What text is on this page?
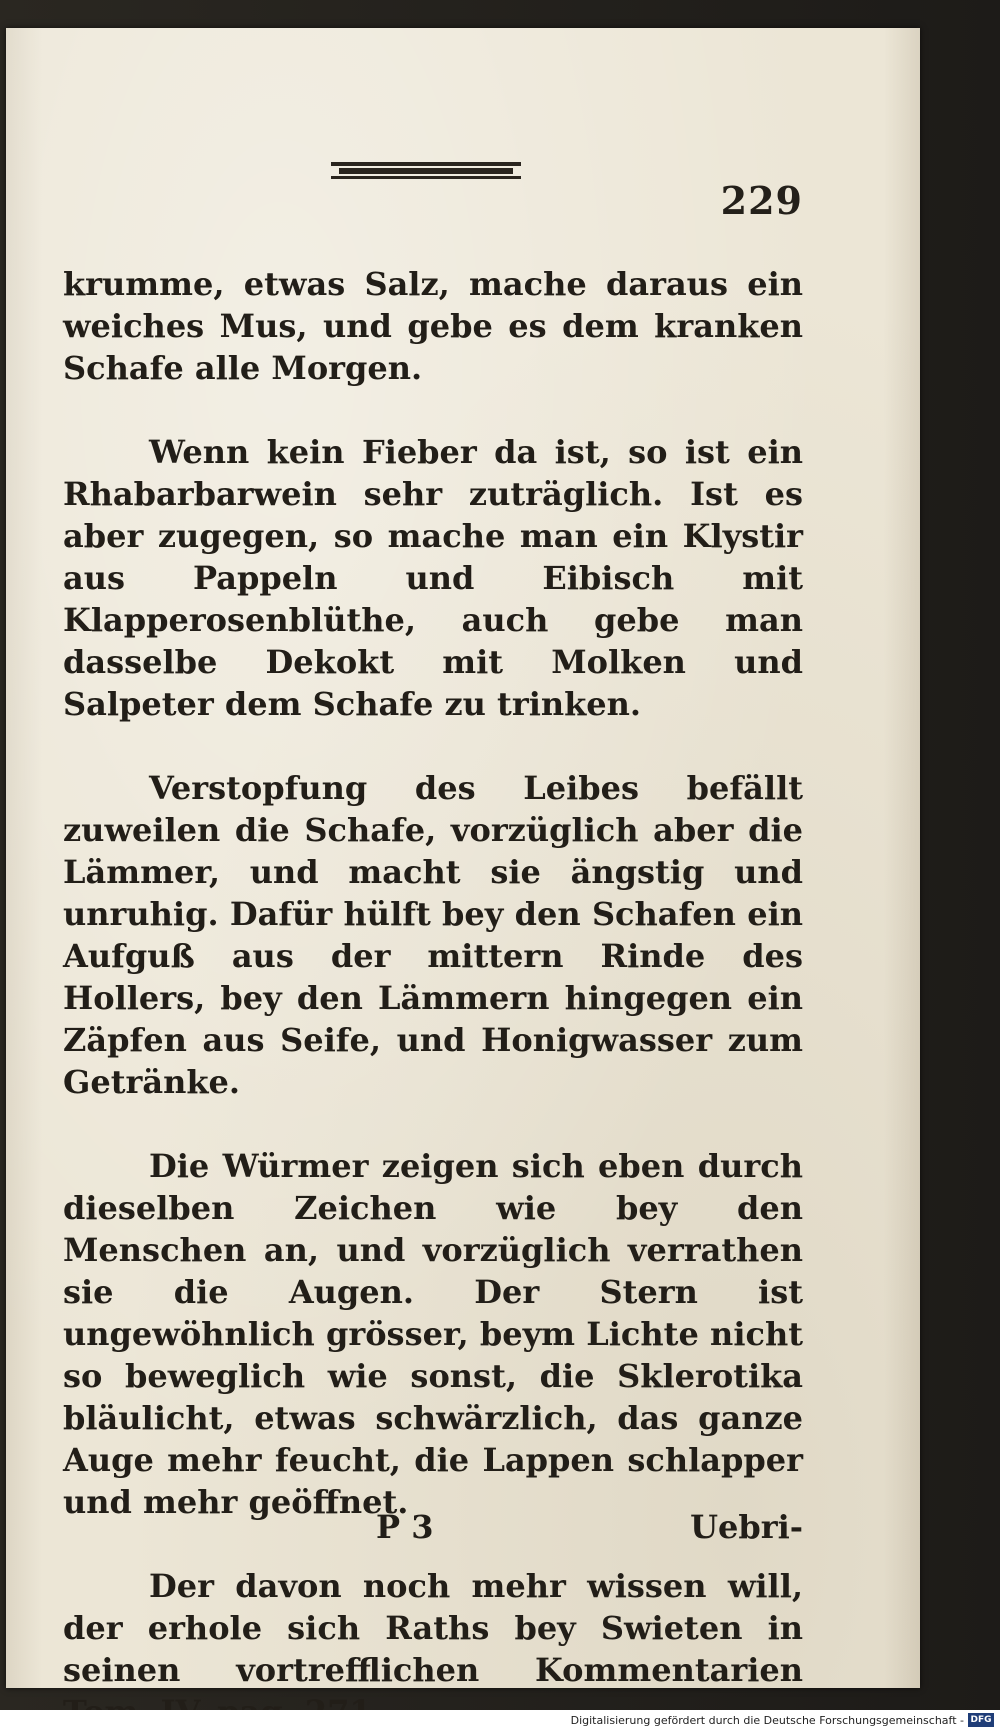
229

krumme, etwas Salz, mache daraus ein weiches Mus, und gebe es dem kranken Schafe alle Morgen.

Wenn kein Fieber da ist, so ist ein Rhabarbarwein sehr zuträglich. Ist es aber zugegen, so mache man ein Klystir aus Pappeln und Eibisch mit Klapperosenblüthe, auch gebe man dasselbe Dekokt mit Molken und Salpeter dem Schafe zu trinken.

Verstopfung des Leibes befällt zuweilen die Schafe, vorzüglich aber die Lämmer, und macht sie ängstig und unruhig. Dafür hülft bey den Schafen ein Aufguß aus der mittern Rinde des Hollers, bey den Lämmern hingegen ein Zäpfen aus Seife, und Honigwasser zum Getränke.

Die Würmer zeigen sich eben durch dieselben Zeichen wie bey den Menschen an, und vorzüglich verrathen sie die Augen. Der Stern ist ungewöhnlich grösser, beym Lichte nicht so beweglich wie sonst, die Sklerotika bläulicht, etwas schwärzlich, das ganze Auge mehr feucht, die Lappen schlapper und mehr geöffnet.

Der davon noch mehr wissen will, der erhole sich Raths bey Swieten in seinen vortrefflichen Kommentarien

P 3	Uebri-
Digitalisierung gefördert durch die Deutsche Forschungsgemeinschaft - DFG
